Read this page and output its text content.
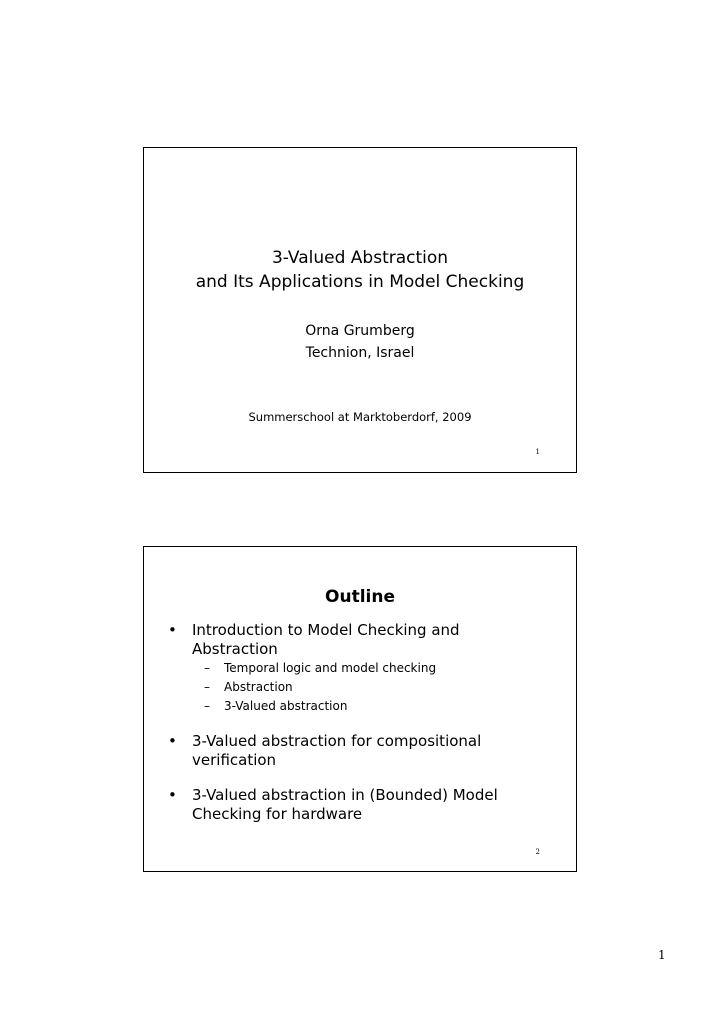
3-Valued Abstraction
and Its Applications in Model Checking
Orna Grumberg
Technion, Israel
Summerschool at Marktoberdorf, 2009
1
Outline
• Introduction to Model Checking and
Abstraction
– Temporal logic and model checking
– Abstraction
– 3-Valued abstraction
• 3-Valued abstraction for compositional
verification
• 3-Valued abstraction in (Bounded) Model
Checking for hardware
2
1
